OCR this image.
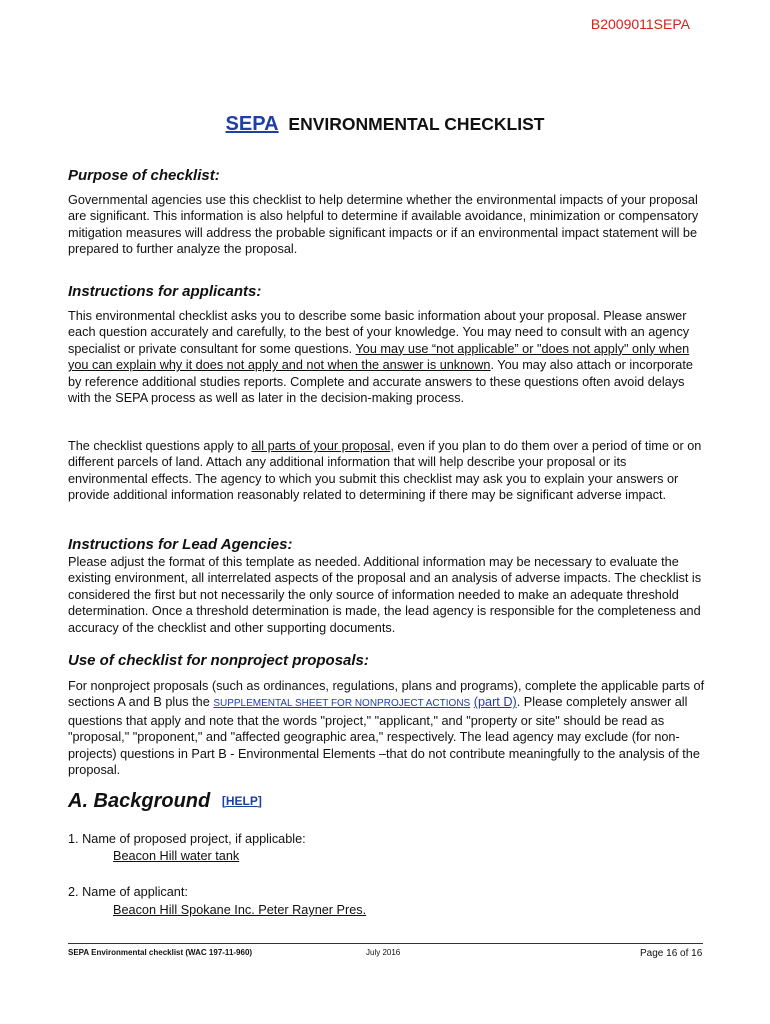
B2009011SEPA
SEPA ENVIRONMENTAL CHECKLIST
Purpose of checklist:
Governmental agencies use this checklist to help determine whether the environmental impacts of your proposal are significant. This information is also helpful to determine if available avoidance, minimization or compensatory mitigation measures will address the probable significant impacts or if an environmental impact statement will be prepared to further analyze the proposal.
Instructions for applicants:
This environmental checklist asks you to describe some basic information about your proposal. Please answer each question accurately and carefully, to the best of your knowledge. You may need to consult with an agency specialist or private consultant for some questions. You may use “not applicable” or "does not apply" only when you can explain why it does not apply and not when the answer is unknown. You may also attach or incorporate by reference additional studies reports. Complete and accurate answers to these questions often avoid delays with the SEPA process as well as later in the decision-making process.
The checklist questions apply to all parts of your proposal, even if you plan to do them over a period of time or on different parcels of land. Attach any additional information that will help describe your proposal or its environmental effects. The agency to which you submit this checklist may ask you to explain your answers or provide additional information reasonably related to determining if there may be significant adverse impact.
Instructions for Lead Agencies:
Please adjust the format of this template as needed. Additional information may be necessary to evaluate the existing environment, all interrelated aspects of the proposal and an analysis of adverse impacts. The checklist is considered the first but not necessarily the only source of information needed to make an adequate threshold determination. Once a threshold determination is made, the lead agency is responsible for the completeness and accuracy of the checklist and other supporting documents.
Use of checklist for nonproject proposals:
For nonproject proposals (such as ordinances, regulations, plans and programs), complete the applicable parts of sections A and B plus the SUPPLEMENTAL SHEET FOR NONPROJECT ACTIONS (part D). Please completely answer all questions that apply and note that the words "project," "applicant," and "property or site" should be read as "proposal," "proponent," and "affected geographic area," respectively. The lead agency may exclude (for non-projects) questions in Part B - Environmental Elements –that do not contribute meaningfully to the analysis of the proposal.
A. Background [HELP]
1. Name of proposed project, if applicable:
Beacon Hill water tank
2. Name of applicant:
Beacon Hill Spokane Inc. Peter Rayner Pres.
SEPA Environmental checklist (WAC 197-11-960)	July 2016	Page 16 of 16
